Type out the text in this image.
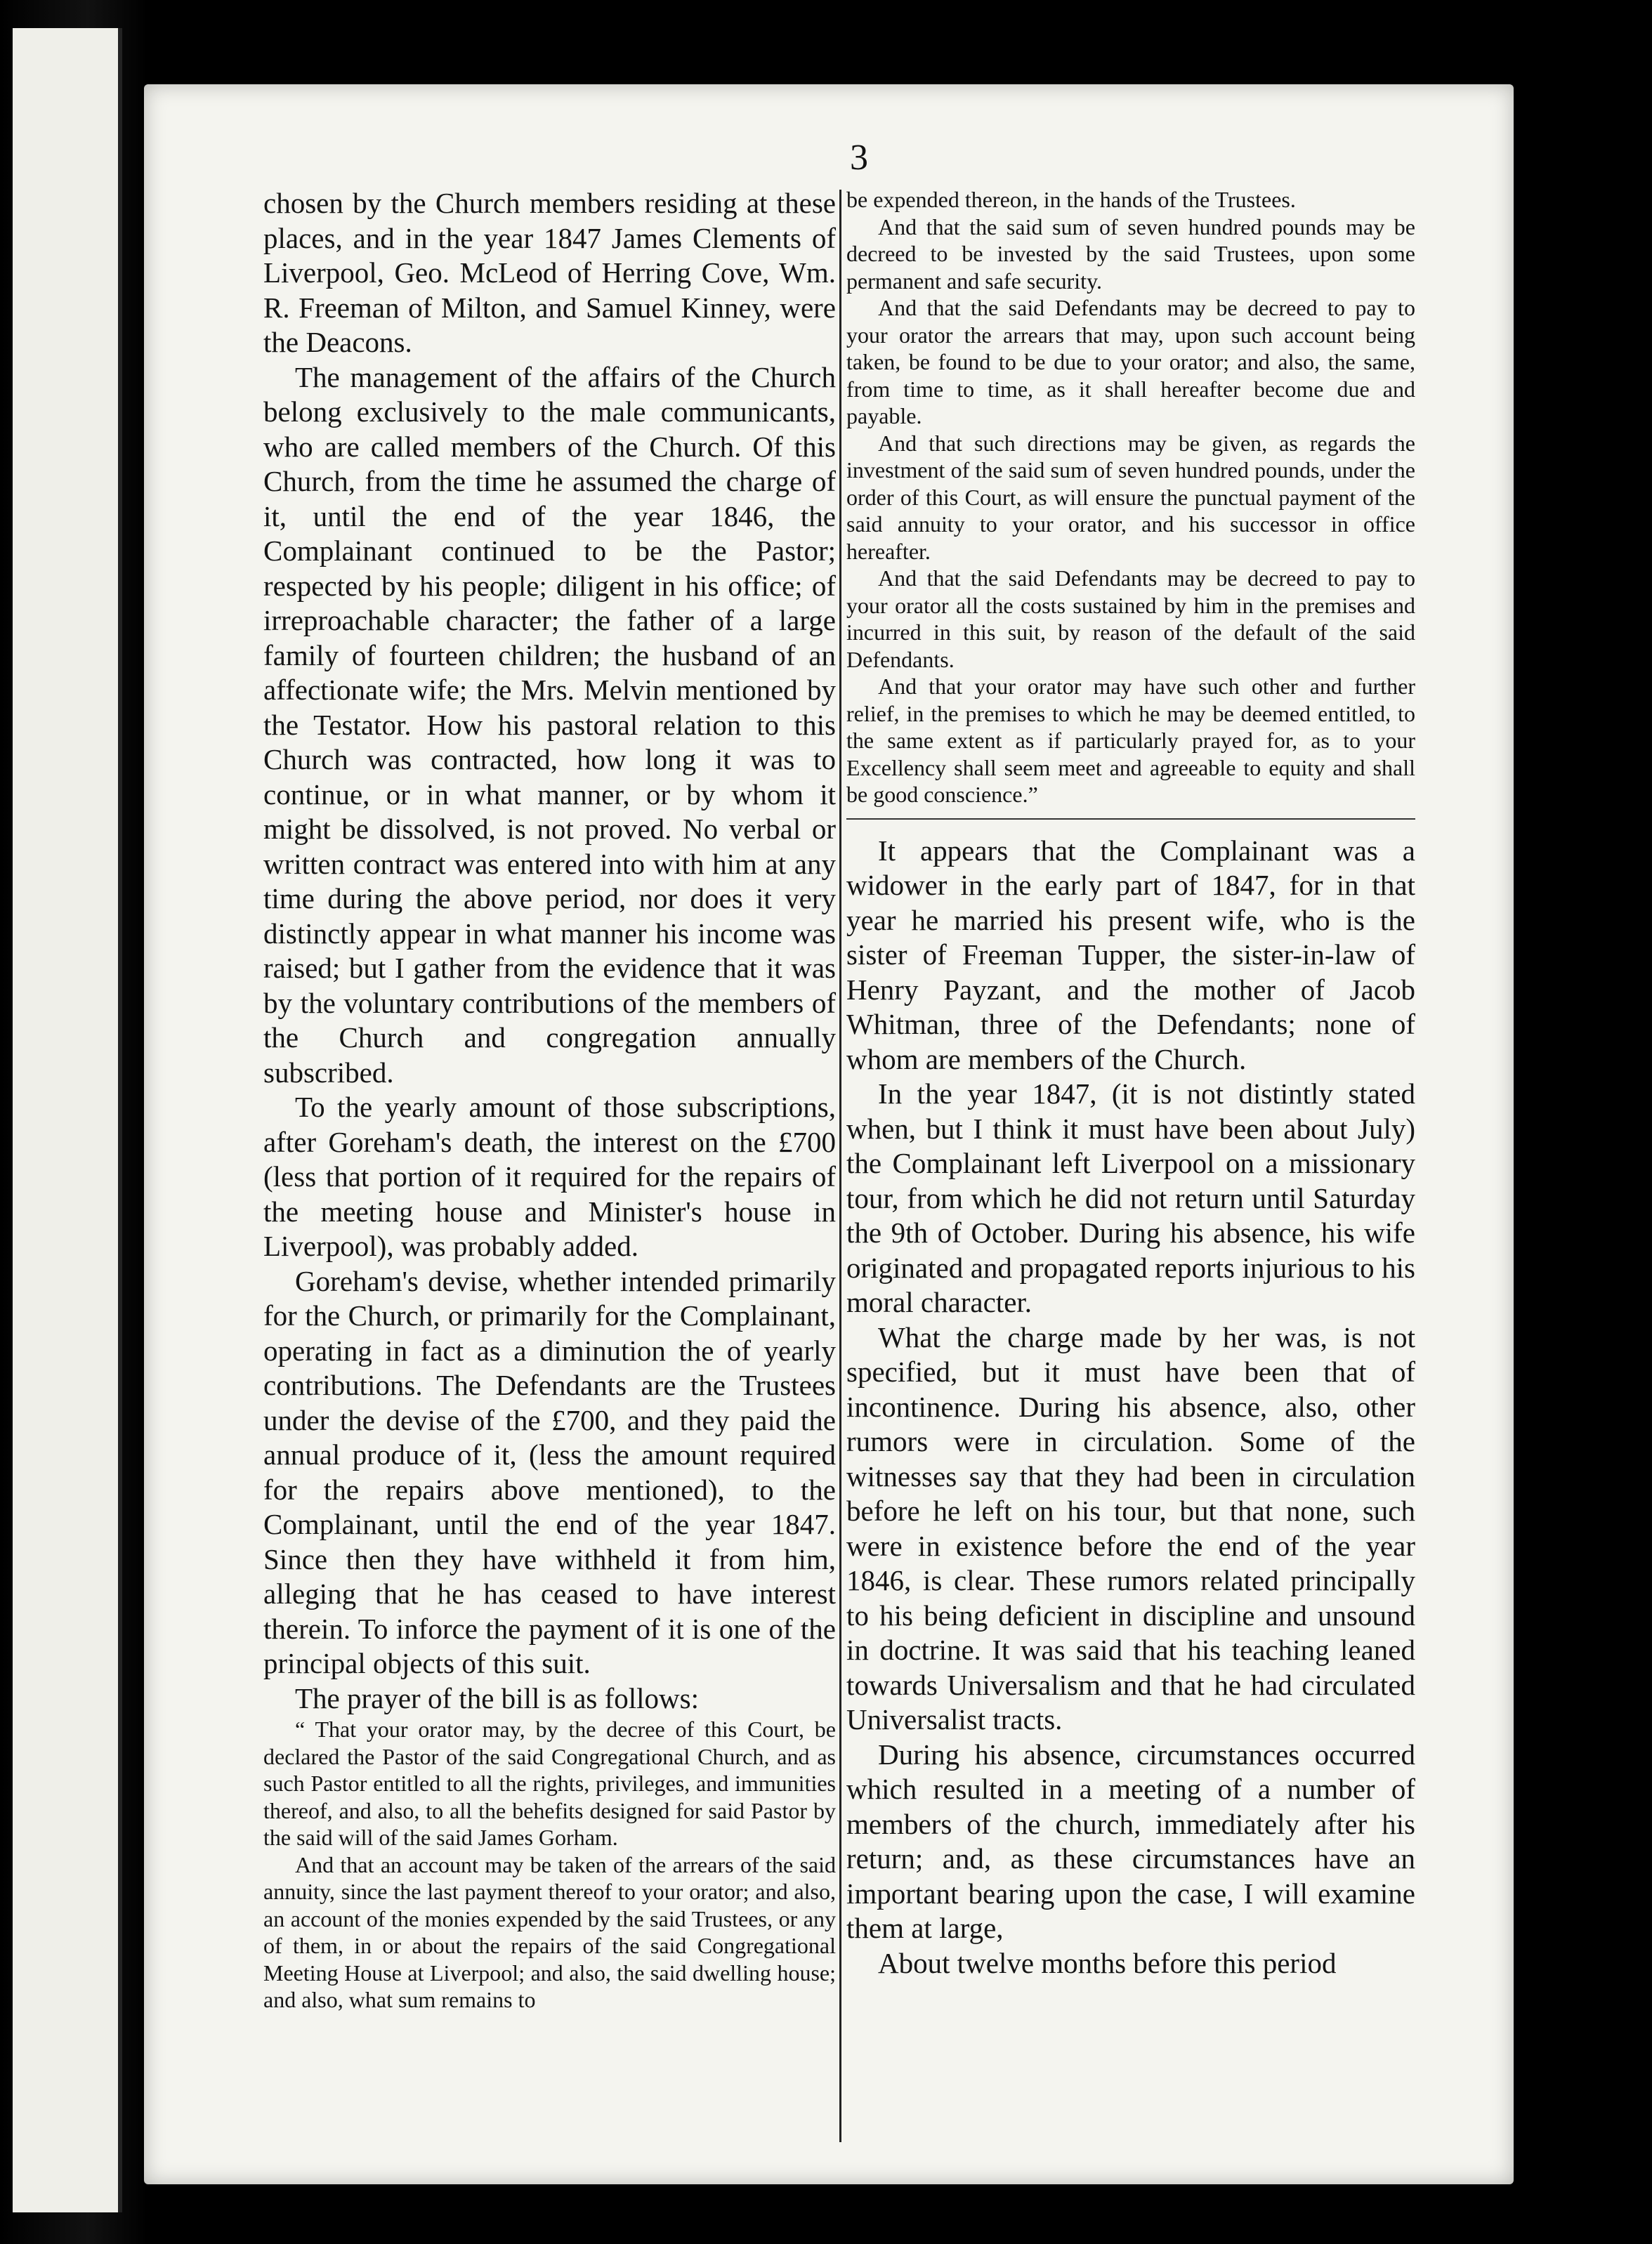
3

chosen by the Church members residing at these places, and in the year 1847 James Clements of Liverpool, Geo. McLeod of Herring Cove, Wm. R. Freeman of Milton, and Samuel Kinney, were the Deacons.

The management of the affairs of the Church belong exclusively to the male communicants, who are called members of the Church. Of this Church, from the time he assumed the charge of it, until the end of the year 1846, the Complainant continued to be the Pastor; respected by his people; diligent in his office; of irreproachable character; the father of a large family of fourteen children; the husband of an affectionate wife; the Mrs. Melvin mentioned by the Testator. How his pastoral relation to this Church was contracted, how long it was to continue, or in what manner, or by whom it might be dissolved, is not proved. No verbal or written contract was entered into with him at any time during the above period, nor does it very distinctly appear in what manner his income was raised; but I gather from the evidence that it was by the voluntary contributions of the members of the Church and congregation annually subscribed.

To the yearly amount of those subscriptions, after Goreham's death, the interest on the £700 (less that portion of it required for the repairs of the meeting house and Minister's house in Liverpool), was probably added.

Goreham's devise, whether intended primarily for the Church, or primarily for the Complainant, operating in fact as a diminution the of yearly contributions. The Defendants are the Trustees under the devise of the £700, and they paid the annual produce of it, (less the amount required for the repairs above mentioned), to the Complainant, until the end of the year 1847. Since then they have withheld it from him, alleging that he has ceased to have interest therein. To inforce the payment of it is one of the principal objects of this suit.

The prayer of the bill is as follows:

“ That your orator may, by the decree of this Court, be declared the Pastor of the said Congregational Church, and as such Pastor entitled to all the rights, privileges, and immunities thereof, and also, to all the behefits designed for said Pastor by the said will of the said James Gorham.

And that an account may be taken of the arrears of the said annuity, since the last payment thereof to your orator; and also, an account of the monies expended by the said Trustees, or any of them, in or about the repairs of the said Congregational Meeting House at Liverpool; and also, the said dwelling house; and also, what sum remains to

be expended thereon, in the hands of the Trustees.

And that the said sum of seven hundred pounds may be decreed to be invested by the said Trustees, upon some permanent and safe security.

And that the said Defendants may be decreed to pay to your orator the arrears that may, upon such account being taken, be found to be due to your orator; and also, the same, from time to time, as it shall hereafter become due and payable.

And that such directions may be given, as regards the investment of the said sum of seven hundred pounds, under the order of this Court, as will ensure the punctual payment of the said annuity to your orator, and his successor in office hereafter.

And that the said Defendants may be decreed to pay to your orator all the costs sustained by him in the premises and incurred in this suit, by reason of the default of the said Defendants.

And that your orator may have such other and further relief, in the premises to which he may be deemed entitled, to the same extent as if particularly prayed for, as to your Excellency shall seem meet and agreeable to equity and shall be good conscience.”

It appears that the Complainant was a widower in the early part of 1847, for in that year he married his present wife, who is the sister of Freeman Tupper, the sister-in-law of Henry Payzant, and the mother of Jacob Whitman, three of the Defendants; none of whom are members of the Church.

In the year 1847, (it is not distintly stated when, but I think it must have been about July) the Complainant left Liverpool on a missionary tour, from which he did not return until Saturday the 9th of October. During his absence, his wife originated and propagated reports injurious to his moral character.

What the charge made by her was, is not specified, but it must have been that of incontinence. During his absence, also, other rumors were in circulation. Some of the witnesses say that they had been in circulation before he left on his tour, but that none, such were in existence before the end of the year 1846, is clear. These rumors related principally to his being deficient in discipline and unsound in doctrine. It was said that his teaching leaned towards Universalism and that he had circulated Universalist tracts.

During his absence, circumstances occurred which resulted in a meeting of a number of members of the church, immediately after his return; and, as these circumstances have an important bearing upon the case, I will examine them at large,

About twelve months before this period
